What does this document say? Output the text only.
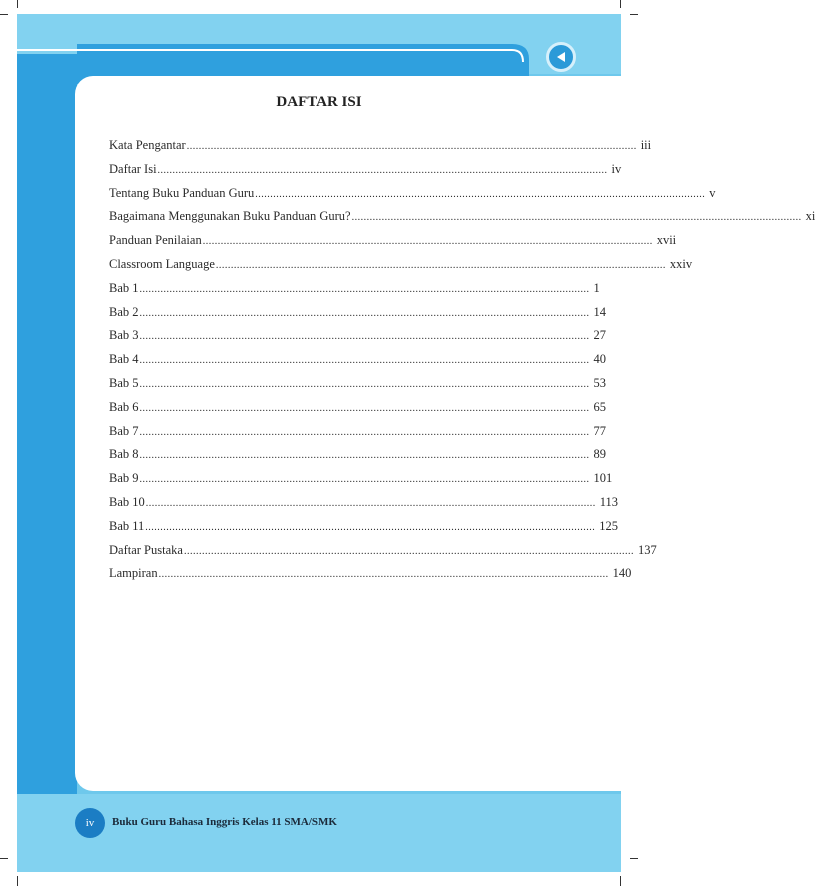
DAFTAR ISI
Kata Pengantar ...................................................................................................................................................... iii
Daftar Isi ...................................................................................................................................................... iv
Tentang Buku Panduan Guru ...................................................................................................................................................... v
Bagaimana Menggunakan Buku Panduan Guru? ...................................................................................................................................................... xi
Panduan Penilaian ...................................................................................................................................................... xvii
Classroom Language ...................................................................................................................................................... xxiv
Bab 1 ...................................................................................................................................................... 1
Bab 2 ...................................................................................................................................................... 14
Bab 3 ...................................................................................................................................................... 27
Bab 4 ...................................................................................................................................................... 40
Bab 5 ...................................................................................................................................................... 53
Bab 6 ...................................................................................................................................................... 65
Bab 7 ...................................................................................................................................................... 77
Bab 8 ...................................................................................................................................................... 89
Bab 9 ...................................................................................................................................................... 101
Bab 10 ...................................................................................................................................................... 113
Bab 11 ...................................................................................................................................................... 125
Daftar Pustaka ...................................................................................................................................................... 137
Lampiran ...................................................................................................................................................... 140
iv	Buku Guru Bahasa Inggris Kelas 11 SMA/SMK
